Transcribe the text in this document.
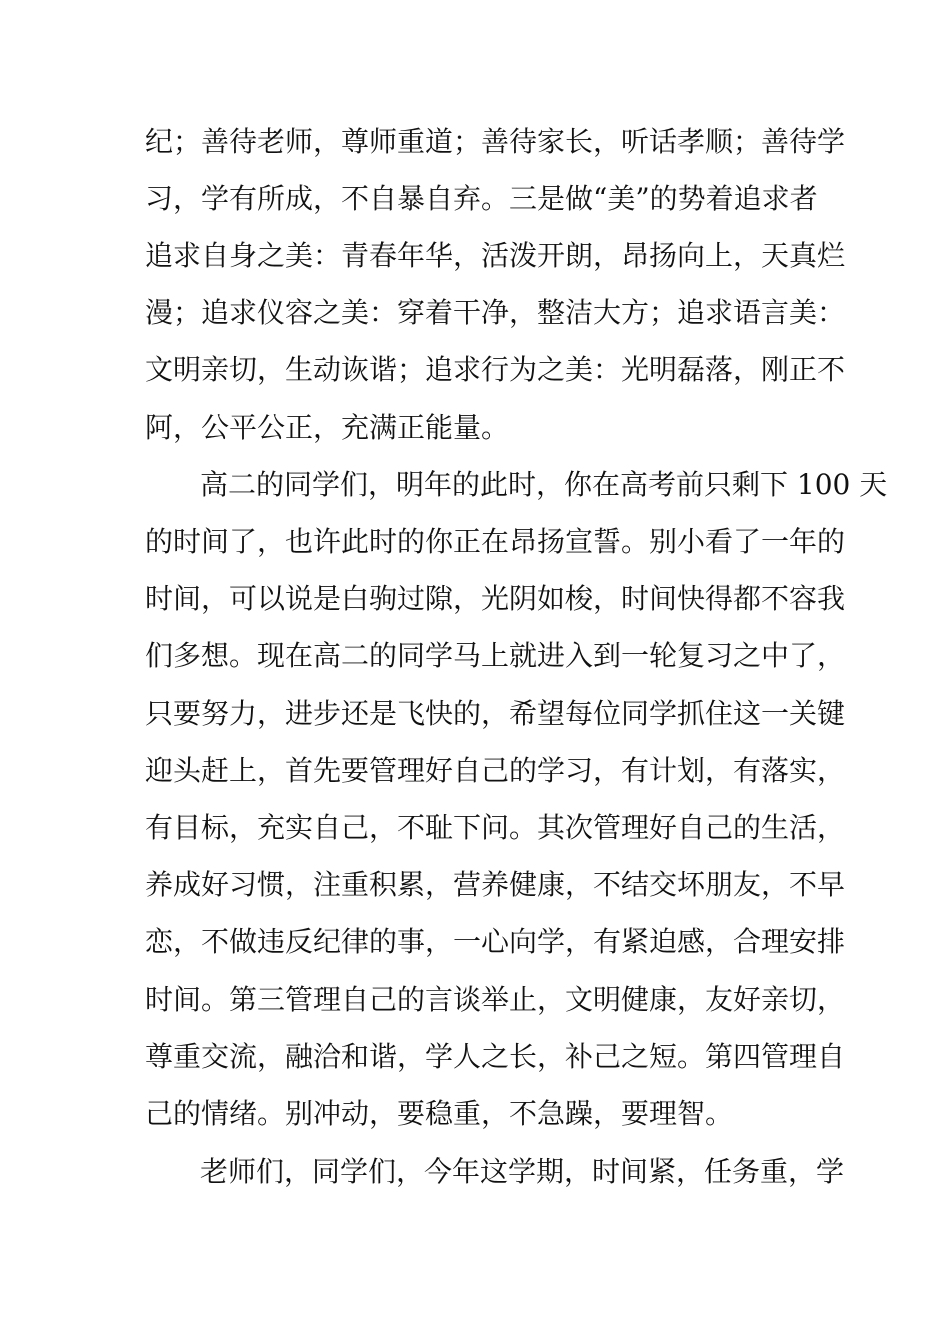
纪；善待老师，尊师重道；善待家长，听话孝顺；善待学
习，学有所成，不自暴自弃。三是做“美”的势着追求者
追求自身之美：青春年华，活泼开朗，昂扬向上，天真烂
漫；追求仪容之美：穿着干净，整洁大方；追求语言美：
文明亲切，生动诙谐；追求行为之美：光明磊落，刚正不
阿，公平公正，充满正能量。
高二的同学们，明年的此时，你在高考前只剩下 100 天
的时间了，也许此时的你正在昂扬宣誓。别小看了一年的
时间，可以说是白驹过隙，光阴如梭，时间快得都不容我
们多想。现在高二的同学马上就进入到一轮复习之中了，
只要努力，进步还是飞快的，希望每位同学抓住这一关键
迎头赶上，首先要管理好自己的学习，有计划，有落实，
有目标，充实自己，不耻下问。其次管理好自己的生活，
养成好习惯，注重积累，营养健康，不结交坏朋友，不早
恋，不做违反纪律的事，一心向学，有紧迫感，合理安排
时间。第三管理自己的言谈举止，文明健康，友好亲切，
尊重交流，融洽和谐，学人之长，补己之短。第四管理自
己的情绪。别冲动，要稳重，不急躁，要理智。
老师们，同学们，今年这学期，时间紧，任务重，学
